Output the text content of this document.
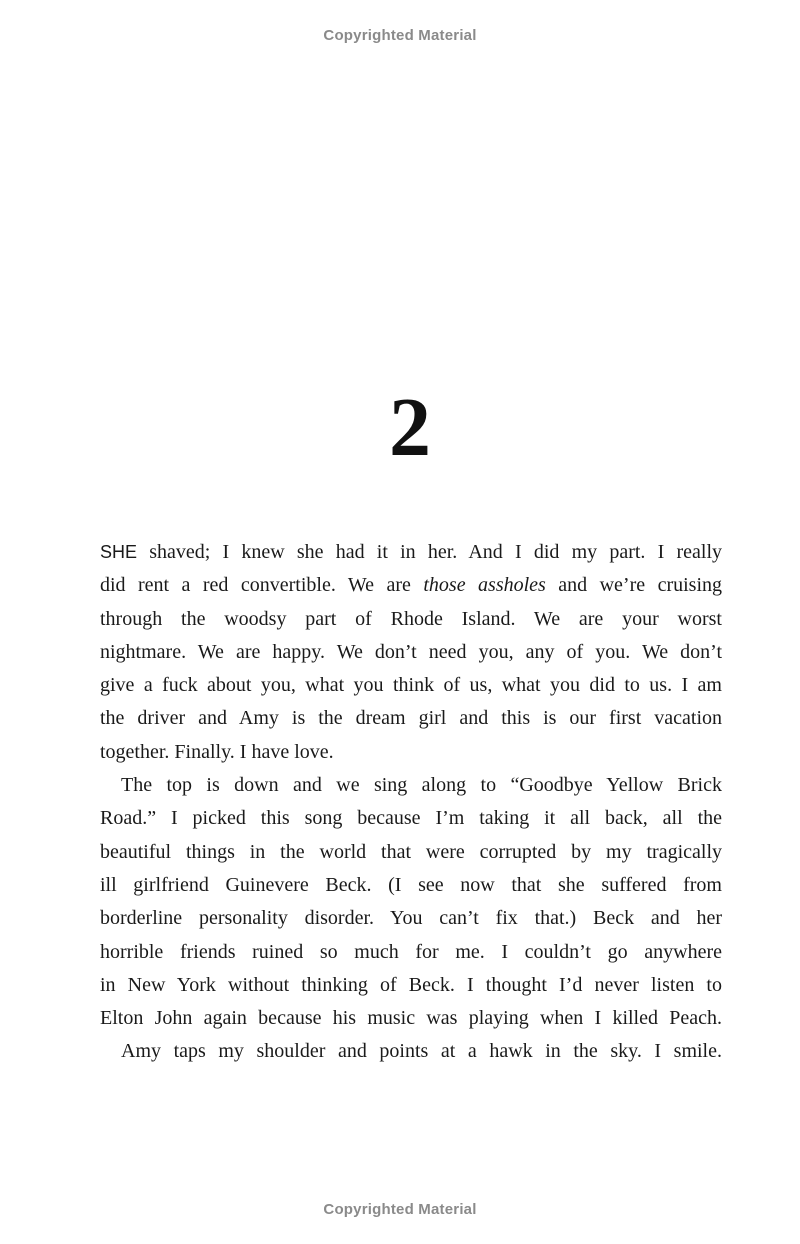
Copyrighted Material
2
SHE shaved; I knew she had it in her. And I did my part. I really
did rent a red convertible. We are those assholes and we’re cruising
through the woodsy part of Rhode Island. We are your worst
nightmare. We are happy. We don’t need you, any of you. We don’t
give a fuck about you, what you think of us, what you did to us. I am
the driver and Amy is the dream girl and this is our first vacation
together. Finally. I have love.
The top is down and we sing along to “Goodbye Yellow Brick
Road.” I picked this song because I’m taking it all back, all the
beautiful things in the world that were corrupted by my tragically
ill girlfriend Guinevere Beck. (I see now that she suffered from
borderline personality disorder. You can’t fix that.) Beck and her
horrible friends ruined so much for me. I couldn’t go anywhere
in New York without thinking of Beck. I thought I’d never listen to
Elton John again because his music was playing when I killed Peach.
Amy taps my shoulder and points at a hawk in the sky. I smile.
Copyrighted Material
